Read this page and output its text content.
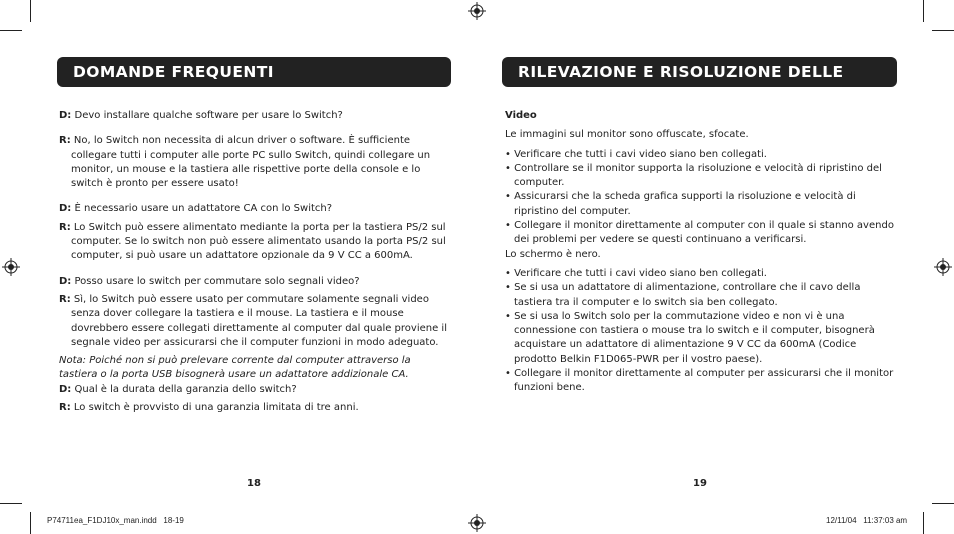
DOMANDE FREQUENTI	RILEVAZIONE E RISOLUZIONE DELLE ANOMALIE

D: Devo installare qualche software per usare lo Switch?

R: No, lo Switch non necessita di alcun driver o software. È sufficiente collegare tutti i computer alle porte PC sullo Switch, quindi collegare un monitor, un mouse e la tastiera alle rispettive porte della console e lo switch è pronto per essere usato!

D: È necessario usare un adattatore CA con lo Switch?

R: Lo Switch può essere alimentato mediante la porta per la tastiera PS/2 sul computer. Se lo switch non può essere alimentato usando la porta PS/2 sul computer, si può usare un adattatore opzionale da 9 V CC a 600mA.

D: Posso usare lo switch per commutare solo segnali video?

R: Sì, lo Switch può essere usato per commutare solamente segnali video senza dover collegare la tastiera e il mouse. La tastiera e il mouse dovrebbero essere collegati direttamente al computer dal quale proviene il segnale video per assicurarsi che il computer funzioni in modo adeguato.

Nota: Poiché non si può prelevare corrente dal computer attraverso la tastiera o la porta USB bisognerà usare un adattatore addizionale CA.

D: Qual è la durata della garanzia dello switch?

R: Lo switch è provvisto di una garanzia limitata di tre anni.

Video

Le immagini sul monitor sono offuscate, sfocate.

• Verificare che tutti i cavi video siano ben collegati.

• Controllare se il monitor supporta la risoluzione e velocità di ripristino del computer.

• Assicurarsi che la scheda grafica supporti la risoluzione e velocità di ripristino del computer.

• Collegare il monitor direttamente al computer con il quale si stanno avendo dei problemi per vedere se questi continuano a verificarsi.

Lo schermo è nero.

• Verificare che tutti i cavi video siano ben collegati.

• Se si usa un adattatore di alimentazione, controllare che il cavo della tastiera tra il computer e lo switch sia ben collegato.

• Se si usa lo Switch solo per la commutazione video e non vi è una connessione con tastiera o mouse tra lo switch e il computer, bisognerà acquistare un adattatore di alimentazione 9 V CC da 600mA (Codice prodotto Belkin F1D065-PWR per il vostro paese).

• Collegare il monitor direttamente al computer per assicurarsi che il monitor funzioni bene.

18	19
P74711ea_F1DJ10x_man.indd   18-19	12/11/04   11:37:03 am
